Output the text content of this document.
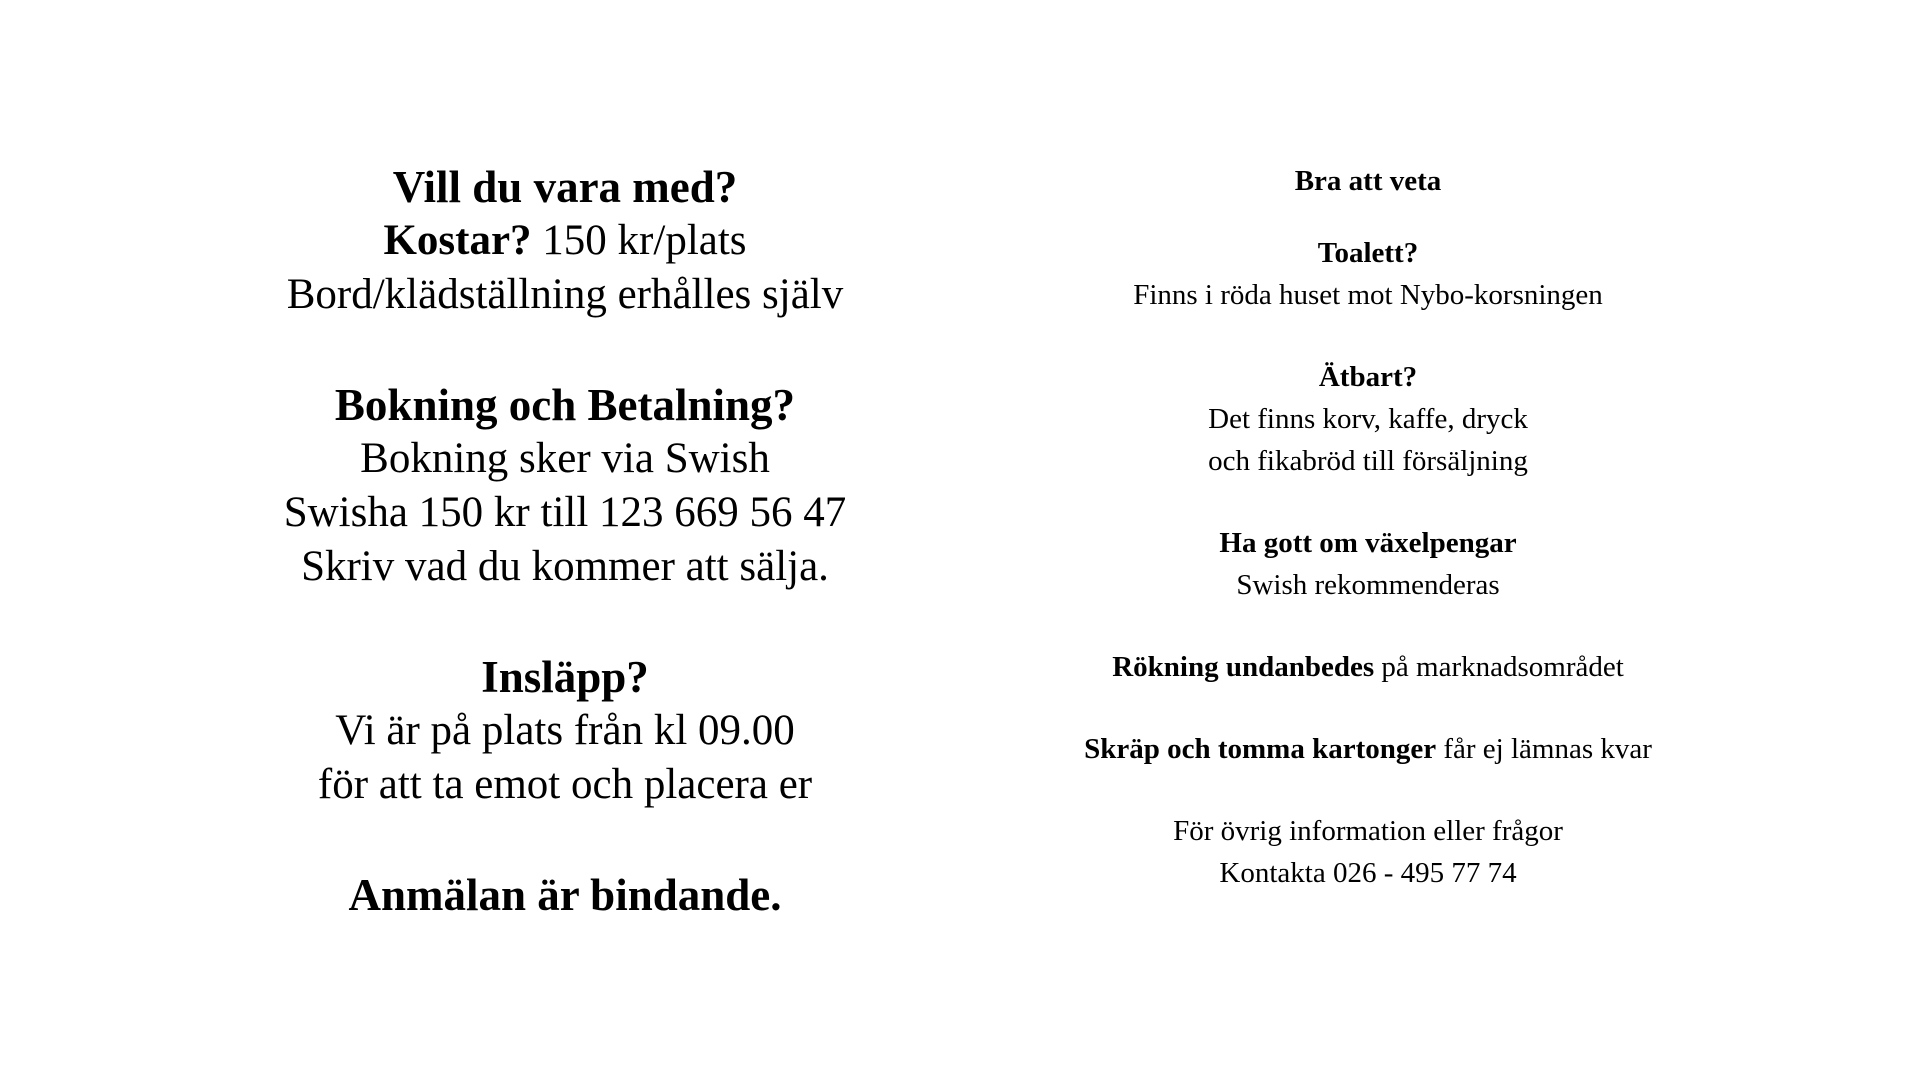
Vill du vara med?
Kostar? 150 kr/plats
Bord/klädställning erhålles själv
Bokning och Betalning?
Bokning sker via Swish
Swisha 150 kr till 123 669 56 47
Skriv vad du kommer att sälja.
Insläpp?
Vi är på plats från kl 09.00
för att ta emot och placera er
Anmälan är bindande.
Bra att veta
Toalett?
Finns i röda huset mot Nybo-korsningen
Ätbart?
Det finns korv, kaffe, dryck
och fikabröd till försäljning
Ha gott om växelpengar
Swish rekommenderas
Rökning undanbedes på marknadsområdet
Skräp och tomma kartonger får ej lämnas kvar
För övrig information eller frågor
Kontakta 026 - 495 77 74
